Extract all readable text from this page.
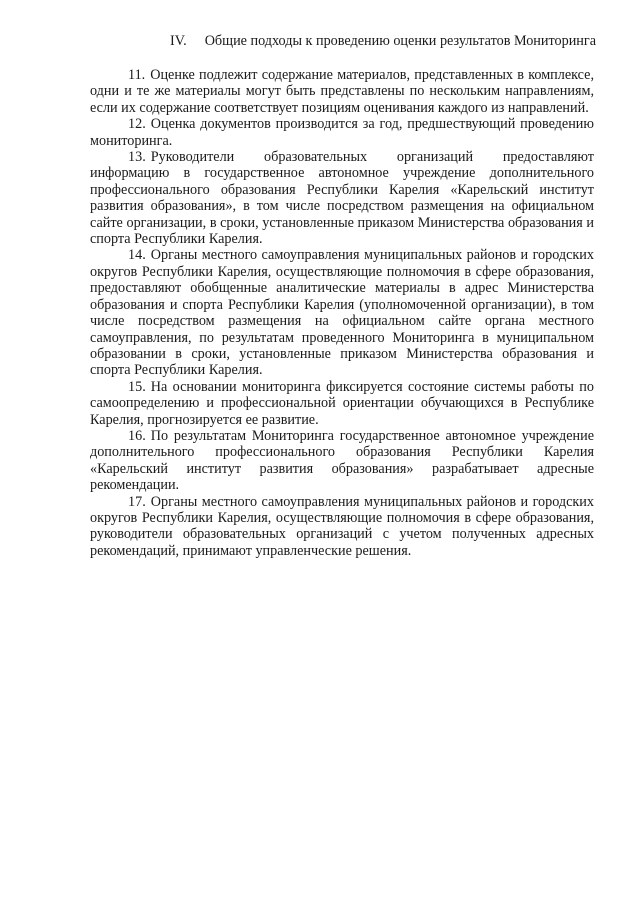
IV. Общие подходы к проведению оценки результатов Мониторинга

11. Оценке подлежит содержание материалов, представленных в комплексе, одни и те же материалы могут быть представлены по нескольким направлениям, если их содержание соответствует позициям оценивания каждого из направлений.

12. Оценка документов производится за год, предшествующий проведению мониторинга.

13. Руководители образовательных организаций предоставляют информацию в государственное автономное учреждение дополнительного профессионального образования Республики Карелия «Карельский институт развития образования», в том числе посредством размещения на официальном сайте организации, в сроки, установленные приказом Министерства образования и спорта Республики Карелия.

14. Органы местного самоуправления муниципальных районов и городских округов Республики Карелия, осуществляющие полномочия в сфере образования, предоставляют обобщенные аналитические материалы в адрес Министерства образования и спорта Республики Карелия (уполномоченной организации), в том числе посредством размещения на официальном сайте органа местного самоуправления, по результатам проведенного Мониторинга в муниципальном образовании в сроки, установленные приказом Министерства образования и спорта Республики Карелия.

15. На основании мониторинга фиксируется состояние системы работы по самоопределению и профессиональной ориентации обучающихся в Республике Карелия, прогнозируется ее развитие.

16. По результатам Мониторинга государственное автономное учреждение дополнительного профессионального образования Республики Карелия «Карельский институт развития образования» разрабатывает адресные рекомендации.

17. Органы местного самоуправления муниципальных районов и городских округов Республики Карелия, осуществляющие полномочия в сфере образования, руководители образовательных организаций с учетом полученных адресных рекомендаций, принимают управленческие решения.
